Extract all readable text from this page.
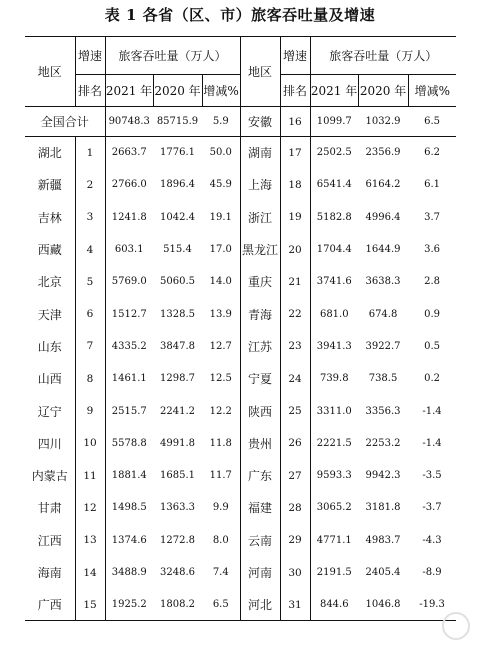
表 1 各省（区、市）旅客吞吐量及增速
地区	增速	旅客吞吐量（万人）			地区	增速	旅客吞吐量（万人）		
	排名	2021 年	2020 年	增减%		排名	2021 年	2020 年	增减%
全国合计		90748.3	85715.9	5.9	安徽	16	1099.7	1032.9	6.5
湖北	1	2663.7	1776.1	50.0	湖南	17	2502.5	2356.9	6.2
新疆	2	2766.0	1896.4	45.9	上海	18	6541.4	6164.2	6.1
吉林	3	1241.8	1042.4	19.1	浙江	19	5182.8	4996.4	3.7
西藏	4	603.1	515.4	17.0	黑龙江	20	1704.4	1644.9	3.6
北京	5	5769.0	5060.5	14.0	重庆	21	3741.6	3638.3	2.8
天津	6	1512.7	1328.5	13.9	青海	22	681.0	674.8	0.9
山东	7	4335.2	3847.8	12.7	江苏	23	3941.3	3922.7	0.5
山西	8	1461.1	1298.7	12.5	宁夏	24	739.8	738.5	0.2
辽宁	9	2515.7	2241.2	12.2	陕西	25	3311.0	3356.3	-1.4
四川	10	5578.8	4991.8	11.8	贵州	26	2221.5	2253.2	-1.4
内蒙古	11	1881.4	1685.1	11.7	广东	27	9593.3	9942.3	-3.5
甘肃	12	1498.5	1363.3	9.9	福建	28	3065.2	3181.8	-3.7
江西	13	1374.6	1272.8	8.0	云南	29	4771.1	4983.7	-4.3
海南	14	3488.9	3248.6	7.4	河南	30	2191.5	2405.4	-8.9
广西	15	1925.2	1808.2	6.5	河北	31	844.6	1046.8	-19.3
